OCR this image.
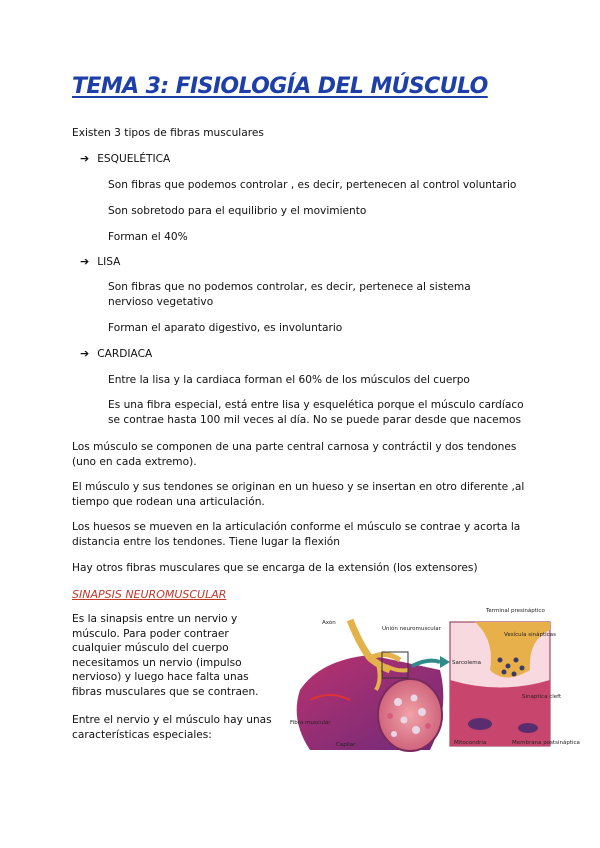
TEMA 3: FISIOLOGÍA DEL MÚSCULO
Existen 3 tipos de fibras musculares
➔ ESQUELÉTICA
Son fibras que podemos controlar , es decir, pertenecen al control voluntario
Son sobretodo para el equilibrio y el movimiento
Forman el 40%
➔ LISA
Son fibras que no podemos controlar, es decir, pertenece al sistema nervioso vegetativo
Forman el aparato digestivo, es involuntario
➔ CARDIACA
Entre la lisa y la cardiaca forman el 60% de los músculos del cuerpo
Es una fibra especial, está entre lisa y esquelética porque el músculo cardíaco se contrae hasta 100 mil veces al día. No se puede parar desde que nacemos
Los músculo se componen de una parte central carnosa y contráctil y dos tendones (uno en cada extremo).
El músculo y sus tendones se originan en un hueso y se insertan en otro diferente ,al tiempo que rodean una articulación.
Los huesos se mueven en la articulación conforme el músculo se contrae y acorta la distancia entre los tendones. Tiene lugar la flexión
Hay otros fibras musculares que se encarga de la extensión (los extensores)
SINAPSIS NEUROMUSCULAR
Es la sinapsis entre un nervio y músculo. Para poder contraer cualquier músculo del cuerpo necesitamos un nervio (impulso nervioso) y luego hace falta unas fibras musculares que se contraen.
Entre el nervio y el músculo hay unas características especiales:
Axón
Unión neuromuscular
Terminal presináptico
Vesícula sinápticas
Sarcolema
Sinaptica cleft
Fibra muscular
Capilar	Mitocondria	Membrana postsináptica
